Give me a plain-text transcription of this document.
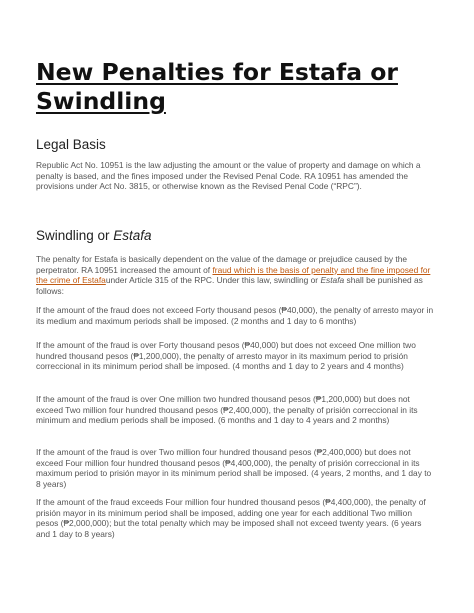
New Penalties for Estafa or Swindling
Legal Basis

Republic Act No. 10951 is the law adjusting the amount or the value of property and damage on which a penalty is based, and the fines imposed under the Revised Penal Code. RA 10951 has amended the provisions under Act No. 3815, or otherwise known as the Revised Penal Code (“RPC”).

Swindling or Estafa

The penalty for Estafa is basically dependent on the value of the damage or prejudice caused by the perpetrator. RA 10951 increased the amount of fraud which is the basis of penalty and the fine imposed for the crime of Estafaunder Article 315 of the RPC. Under this law, swindling or Estafa shall be punished as follows:

If the amount of the fraud does not exceed Forty thousand pesos (₱40,000), the penalty of arresto mayor in its medium and maximum periods shall be imposed. (2 months and 1 day to 6 months)

If the amount of the fraud is over Forty thousand pesos (₱40,000) but does not exceed One million two hundred thousand pesos (₱1,200,000), the penalty of arresto mayor in its maximum period to prisión correccional in its minimum period shall be imposed. (4 months and 1 day to 2 years and 4 months)

If the amount of the fraud is over One million two hundred thousand pesos (₱1,200,000) but does not exceed Two million four hundred thousand pesos (₱2,400,000), the penalty of prisión correccional in its minimum and medium periods shall be imposed. (6 months and 1 day to 4 years and 2 months)

If the amount of the fraud is over Two million four hundred thousand pesos (₱2,400,000) but does not exceed Four million four hundred thousand pesos (₱4,400,000), the penalty of prisión correccional in its maximum period to prisión mayor in its minimum period shall be imposed. (4 years, 2 months, and 1 day to 8 years)

If the amount of the fraud exceeds Four million four hundred thousand pesos (₱4,400,000), the penalty of prisión mayor in its minimum period shall be imposed, adding one year for each additional Two million pesos (₱2,000,000); but the total penalty which may be imposed shall not exceed twenty years. (6 years and 1 day to 8 years)
